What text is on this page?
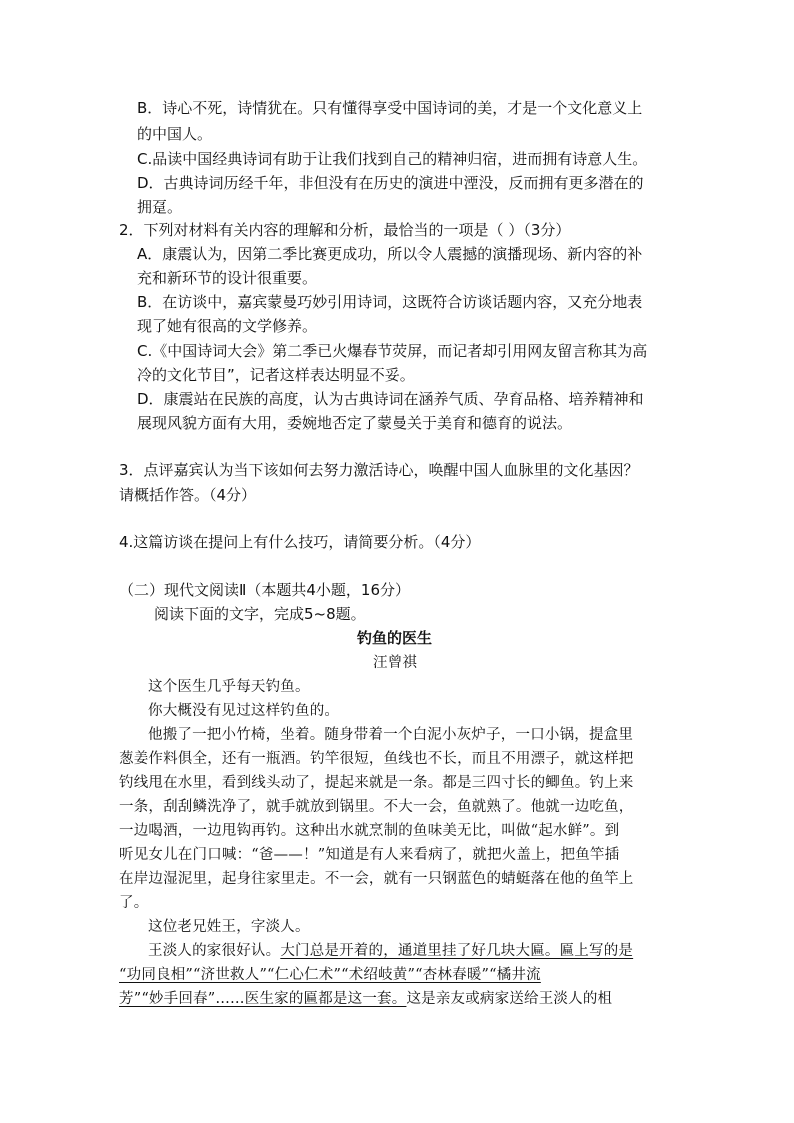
B．诗心不死，诗情犹在。只有懂得享受中国诗词的美，才是一个文化意义上
的中国人。
C.品读中国经典诗词有助于让我们找到自己的精神归宿，进而拥有诗意人生。
D．古典诗词历经千年，非但没有在历史的演进中湮没，反而拥有更多潜在的
拥趸。
2．下列对材料有关内容的理解和分析，最恰当的一项是（ ）（3分）
A．康震认为，因第二季比赛更成功，所以令人震撼的演播现场、新内容的补
充和新环节的设计很重要。
B．在访谈中，嘉宾蒙曼巧妙引用诗词，这既符合访谈话题内容，又充分地表
现了她有很高的文学修养。
C.《中国诗词大会》第二季已火爆春节荧屏，而记者却引用网友留言称其为高
冷的文化节目”，记者这样表达明显不妥。
D．康震站在民族的高度，认为古典诗词在涵养气质、孕育品格、培养精神和
展现风貌方面有大用，委婉地否定了蒙曼关于美育和德育的说法。
3．点评嘉宾认为当下该如何去努力激活诗心，唤醒中国人血脉里的文化基因？
请概括作答。（4分）
4.这篇访谈在提问上有什么技巧，请简要分析。（4分）
（二）现代文阅读Ⅱ（本题共4小题，16分）
阅读下面的文字，完成5~8题。
钓鱼的医生
汪曾祺
这个医生几乎每天钓鱼。
你大概没有见过这样钓鱼的。
他搬了一把小竹椅，坐着。随身带着一个白泥小灰炉子，一口小锅，提盒里
葱姜作料俱全，还有一瓶酒。钓竿很短，鱼线也不长，而且不用漂子，就这样把
钓线甩在水里，看到线头动了，提起来就是一条。都是三四寸长的鲫鱼。钓上来
一条，刮刮鳞洗净了，就手就放到锅里。不大一会，鱼就熟了。他就一边吃鱼，
一边喝酒，一边甩钩再钓。这种出水就烹制的鱼味美无比，叫做“起水鲜”。到
听见女儿在门口喊：“爸——！”知道是有人来看病了，就把火盖上，把鱼竿插
在岸边湿泥里，起身往家里走。不一会，就有一只钢蓝色的蜻蜓落在他的鱼竿上
了。
这位老兄姓王，字淡人。
王淡人的家很好认。大门总是开着的，通道里挂了好几块大匾。匾上写的是
“功同良相”“济世救人”“仁心仁术”“术绍岐黄”“杏林春暖”“橘井流
芳”“妙手回春”……医生家的匾都是这一套。这是亲友或病家送给王淡人的柤
